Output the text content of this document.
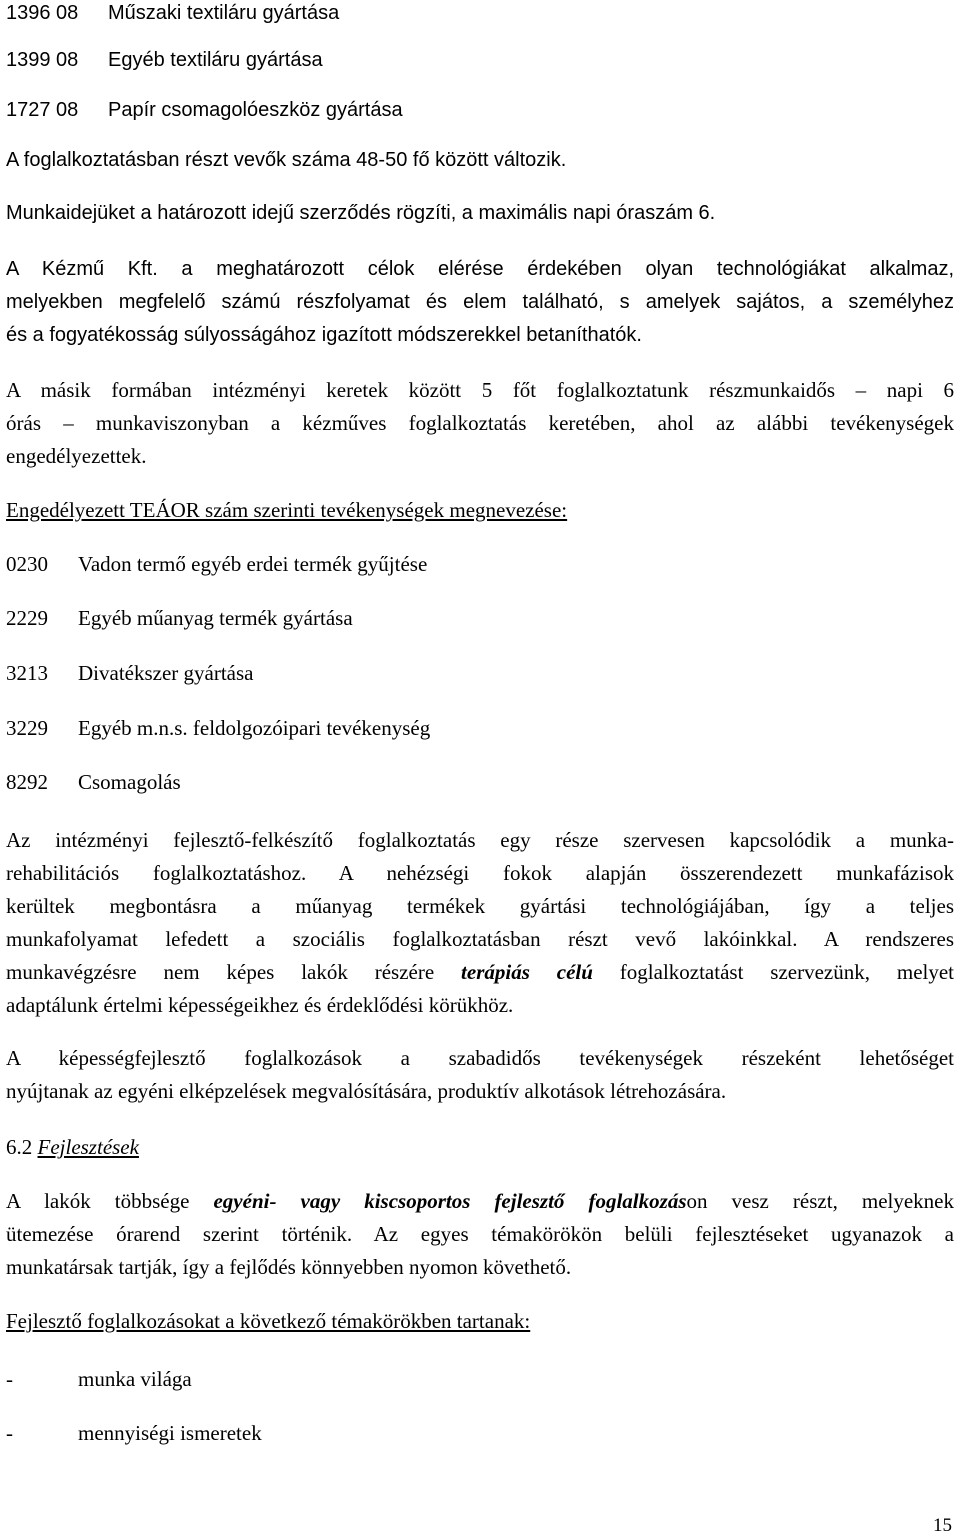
1396 08 Műszaki textiláru gyártása
1399 08 Egyéb textiláru gyártása
1727 08 Papír csomagolóeszköz gyártása
A foglalkoztatásban részt vevők száma 48-50 fő között változik.
Munkaidejüket a határozott idejű szerződés rögzíti, a maximális napi óraszám 6.
A Kézmű Kft. a meghatározott célok elérése érdekében olyan technológiákat alkalmaz,
melyekben megfelelő számú részfolyamat és elem található, s amelyek sajátos, a személyhez
és a fogyatékosság súlyosságához igazított módszerekkel betaníthatók.
A másik formában intézményi keretek között 5 főt foglalkoztatunk részmunkaidős – napi 6
órás – munkaviszonyban a kézműves foglalkoztatás keretében, ahol az alábbi tevékenységek
engedélyezettek.
Engedélyezett TEÁOR szám szerinti tevékenységek megnevezése:
0230 Vadon termő egyéb erdei termék gyűjtése
2229 Egyéb műanyag termék gyártása
3213 Divatékszer gyártása
3229 Egyéb m.n.s. feldolgozóipari tevékenység
8292 Csomagolás
Az intézményi fejlesztő-felkészítő foglalkoztatás egy része szervesen kapcsolódik a munka-
rehabilitációs foglalkoztatáshoz. A nehézségi fokok alapján összerendezett munkafázisok
kerültek megbontásra a műanyag termékek gyártási technológiájában, így a teljes
munkafolyamat lefedett a szociális foglalkoztatásban részt vevő lakóinkkal. A rendszeres
munkavégzésre nem képes lakók részére terápiás célú foglalkoztatást szervezünk, melyet
adaptálunk értelmi képességeikhez és érdeklődési körükhöz.
A képességfejlesztő foglalkozások a szabadidős tevékenységek részeként lehetőséget
nyújtanak az egyéni elképzelések megvalósítására, produktív alkotások létrehozására.
6.2 Fejlesztések
A lakók többsége egyéni- vagy kiscsoportos fejlesztő foglalkozáson vesz részt, melyeknek
ütemezése órarend szerint történik. Az egyes témakörökön belüli fejlesztéseket ugyanazok a
munkatársak tartják, így a fejlődés könnyebben nyomon követhető.
Fejlesztő foglalkozásokat a következő témakörökben tartanak:
-	munka világa
-	mennyiségi ismeretek
15
